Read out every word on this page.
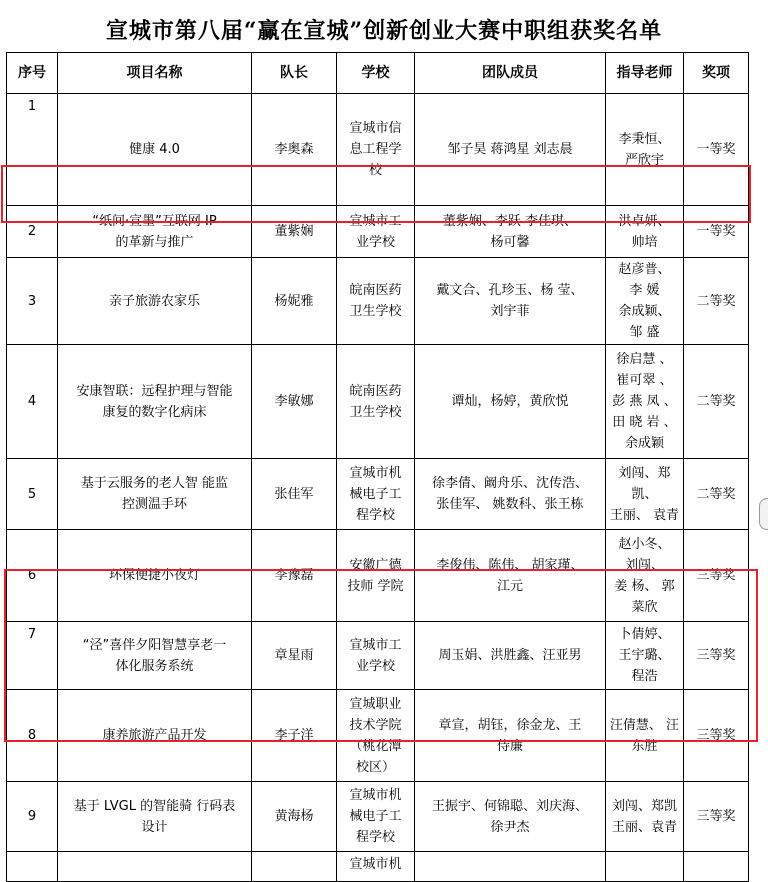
宣城市第八届“赢在宣城”创新创业大赛中职组获奖名单
序号	项目名称	队长	学校	团队成员	指导老师	奖项
1	健康 4.0	李奥森	宣城市信
息工程学
校	邹子昊 蒋鸿星 刘志晨	李秉恒、
严欣宇	一等奖
2	“纸间·宣墨”互联网 IP
的革新与推广	董紫娴	宣城市工
业学校	董紫娴、李跃 李佳琪、
杨可馨	洪卓妍、
帅培	一等奖
3	亲子旅游农家乐	杨妮雅	皖南医药
卫生学校	戴文合、孔珍玉、杨 莹、
刘宇菲	赵彦普、
李 媛
余成颖、
邹 盛	二等奖
4	安康智联：远程护理与智能
康复的数字化病床	李敏娜	皖南医药
卫生学校	谭灿，杨婷，黄欣悦	徐启慧 、
崔可翠 、
彭 燕 凤 、
田 晓 岩 、
余成颖	二等奖
5	基于云服务的老人智 能监
控测温手环	张佳军	宣城市机
械电子工
程学校	徐李倩、阚舟乐、沈传浩、
张佳军、 姚数科、张王栋	刘闯、郑凯、
王丽、 袁青	二等奖
6	环保便捷小夜灯	李豫磊	安徽广德
技师 学院	李俊伟、陈伟、 胡家瑾、
江元	赵小冬、
刘闯、
姜 杨、 郭
菜欣	三等奖
7	“泾”喜伴夕阳智慧享老一
体化服务系统	章星雨	宣城市工
业学校	周玉娟、洪胜鑫、汪亚男	卜倩婷、
王宇璐、
程浩	三等奖
8	康养旅游产品开发	李子洋	宣城职业
技术学院
（桃花潭
校区）	章宣，胡钰，徐金龙、王
侍廉	汪倩慧、 汪
东胜	三等奖
9	基于 LVGL 的智能骑 行码表
设计	黄海杨	宣城市机
械电子工
程学校	王振宇、何锦聪、刘庆海、
徐尹杰	刘闯、郑凯
王丽、袁青	三等奖
			宣城市机			
